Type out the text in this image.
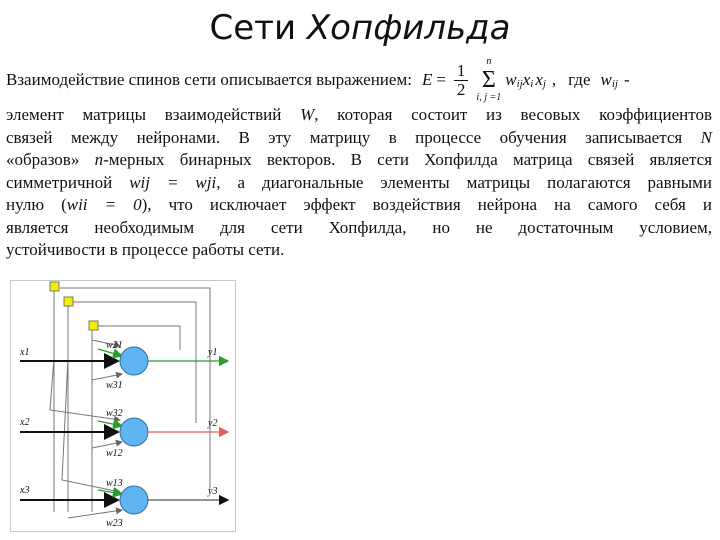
Сети Хопфильда
Взаимодействие спинов сети описывается выражением: $E = \frac{1}{2}$ n
Σ
i, j =1
w ij x i x j , где w ij -
элемент матрицы взаимодействий W, которая состоит из весовых коэффициентов
связей между нейронами. В эту матрицу в процессе обучения записывается N
«образов» n-мерных бинарных векторов. В сети Хопфилда матрица связей является
симметричной wij = wji, а диагональные элементы матрицы полагаются равными
нулю (wii = 0), что исключает эффект воздействия нейрона на самого себя и
является необходимым для сети Хопфилда, но не достаточным условием,
устойчивости в процессе работы сети.
x1
x2
x3
y1
y2
y3
w21
w31
w32
w12
w13
w23
